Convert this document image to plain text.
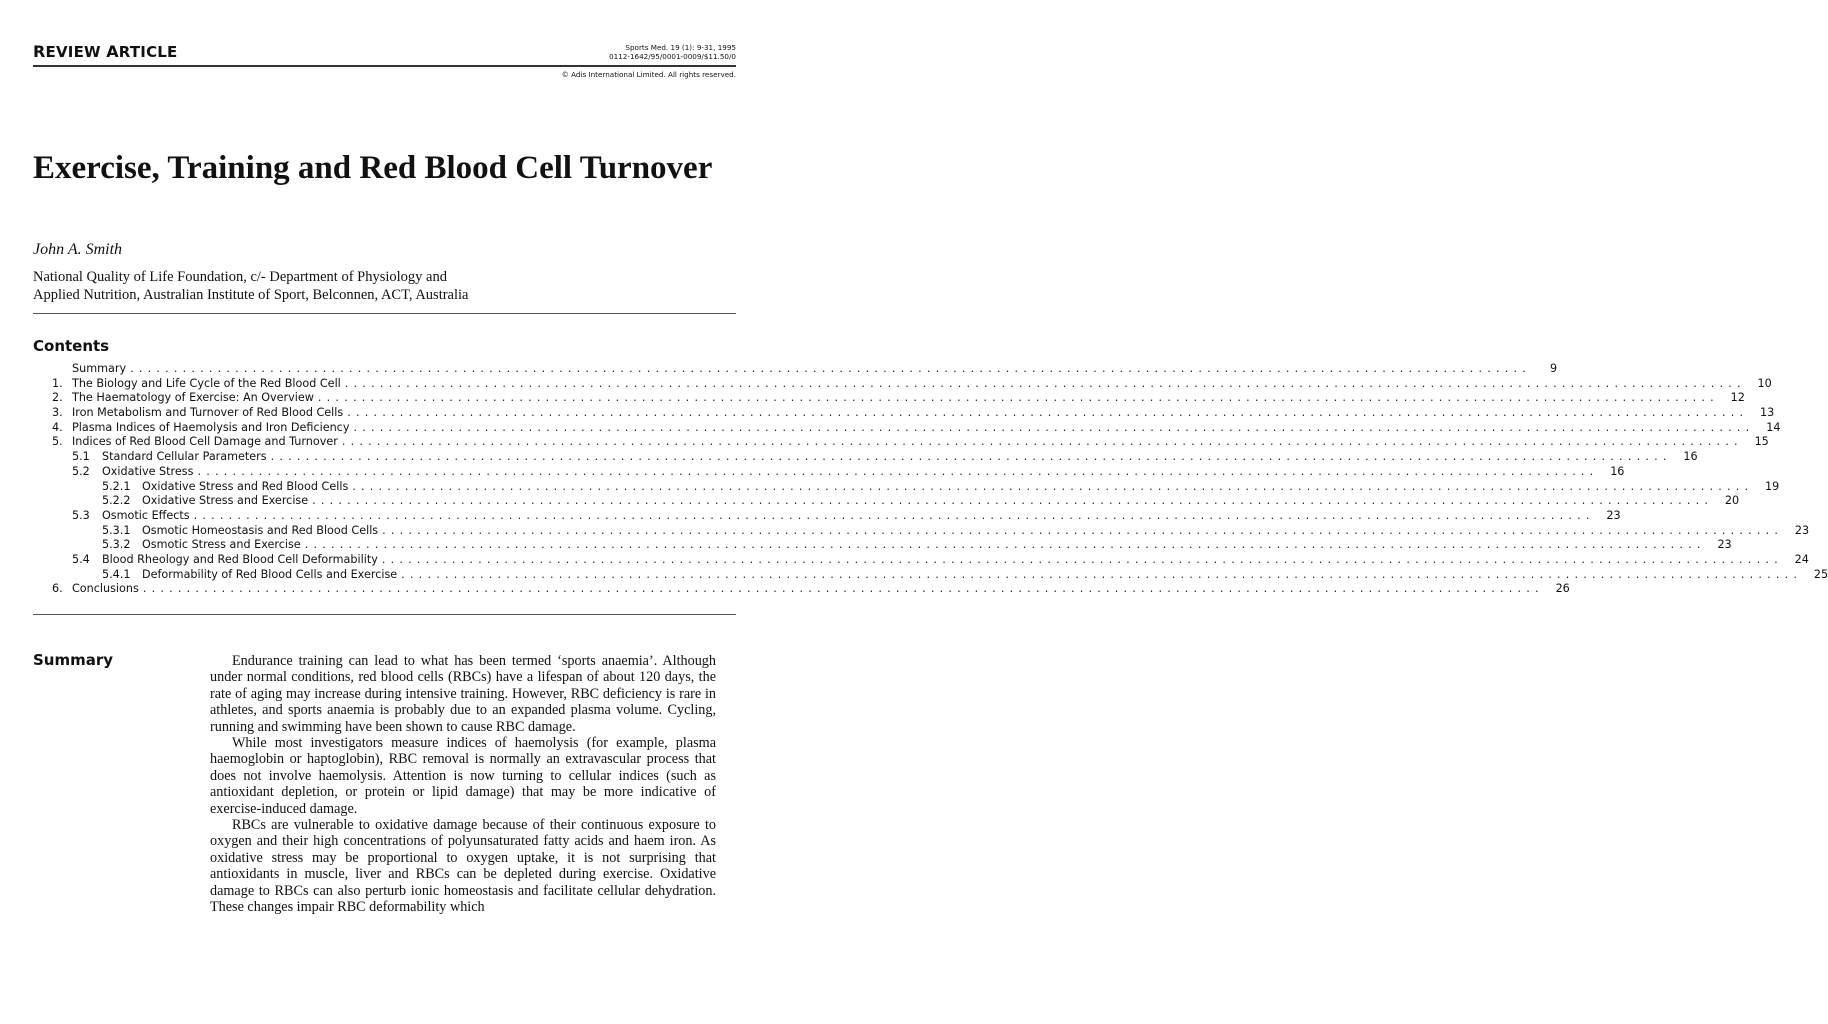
REVIEW ARTICLE	Sports Med. 19 (1): 9-31, 1995
0112-1642/95/0001-0009/$11.50/0
© Adis International Limited. All rights reserved.
Exercise, Training and Red Blood Cell Turnover
John A. Smith
National Quality of Life Foundation, c/- Department of Physiology and
Applied Nutrition, Australian Institute of Sport, Belconnen, ACT, Australia
Contents
Summary ................................................................................................................................................................	9
1. The Biology and Life Cycle of the Red Blood Cell ................................................................................................................................................................	10
2. The Haematology of Exercise: An Overview ................................................................................................................................................................	12
3. Iron Metabolism and Turnover of Red Blood Cells ................................................................................................................................................................	13
4. Plasma Indices of Haemolysis and Iron Deficiency ................................................................................................................................................................	14
5. Indices of Red Blood Cell Damage and Turnover ................................................................................................................................................................	15
5.1	Standard Cellular Parameters ................................................................................................................................................................	16
5.2	Oxidative Stress ................................................................................................................................................................	16
5.2.1	Oxidative Stress and Red Blood Cells ................................................................................................................................................................	19
5.2.2	Oxidative Stress and Exercise ................................................................................................................................................................	20
5.3	Osmotic Effects ................................................................................................................................................................	23
5.3.1	Osmotic Homeostasis and Red Blood Cells ................................................................................................................................................................	23
5.3.2	Osmotic Stress and Exercise ................................................................................................................................................................	23
5.4	Blood Rheology and Red Blood Cell Deformability ................................................................................................................................................................	24
5.4.1	Deformability of Red Blood Cells and Exercise ................................................................................................................................................................	25
6. Conclusions ................................................................................................................................................................	26
Summary	Endurance training can lead to what has been termed ‘sports anaemia’. Although under normal conditions, red blood cells (RBCs) have a lifespan of about 120 days, the rate of aging may increase during intensive training. However, RBC deficiency is rare in athletes, and sports anaemia is probably due to an expanded plasma volume. Cycling, running and swimming have been shown to cause RBC damage.

While most investigators measure indices of haemolysis (for example, plasma haemoglobin or haptoglobin), RBC removal is normally an extravascular process that does not involve haemolysis. Attention is now turning to cellular indices (such as antioxidant depletion, or protein or lipid damage) that may be more indicative of exercise-induced damage.

RBCs are vulnerable to oxidative damage because of their continuous exposure to oxygen and their high concentrations of polyunsaturated fatty acids and haem iron. As oxidative stress may be proportional to oxygen uptake, it is not surprising that antioxidants in muscle, liver and RBCs can be depleted during exercise. Oxidative damage to RBCs can also perturb ionic homeostasis and facilitate cellular dehydration. These changes impair RBC deformability which
